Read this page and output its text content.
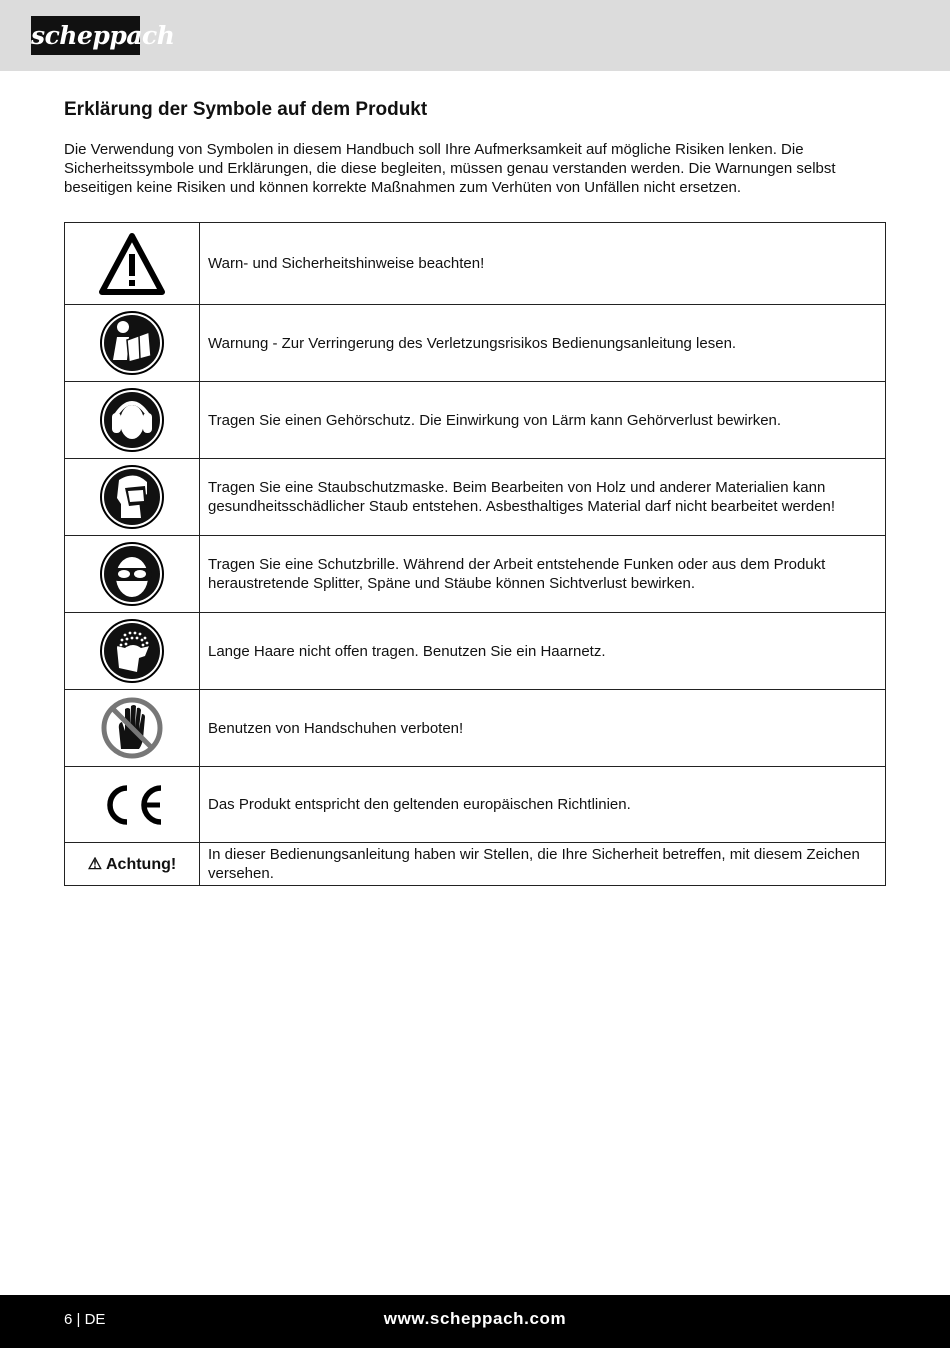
scheppach
Erklärung der Symbole auf dem Produkt

Die Verwendung von Symbolen in diesem Handbuch soll Ihre Aufmerksamkeit auf mögliche Risiken lenken. Die Sicherheitssymbole und Erklärungen, die diese begleiten, müssen genau verstanden werden. Die Warnungen selbst beseitigen keine Risiken und können korrekte Maßnahmen zum Verhüten von Unfällen nicht ersetzen.

	Warn- und Sicherheitshinweise beachten!

	Warnung - Zur Verringerung des Verletzungsrisikos Bedienungsanleitung lesen.

	Tragen Sie einen Gehörschutz. Die Einwirkung von Lärm kann Gehörverlust bewirken.

	Tragen Sie eine Staubschutzmaske. Beim Bearbeiten von Holz und anderer Materialien kann gesundheitsschädlicher Staub entstehen. Asbesthaltiges Material darf nicht bearbeitet werden!

	Tragen Sie eine Schutzbrille. Während der Arbeit entstehende Funken oder aus dem Produkt heraustretende Splitter, Späne und Stäube können Sichtverlust bewirken.

	Lange Haare nicht offen tragen. Benutzen Sie ein Haarnetz.

	Benutzen von Handschuhen verboten!

	Das Produkt entspricht den geltenden europäischen Richtlinien.
⚠ Achtung!	In dieser Bedienungsanleitung haben wir Stellen, die Ihre Sicherheit betreffen, mit diesem Zeichen versehen.
6 | DE	www.scheppach.com
